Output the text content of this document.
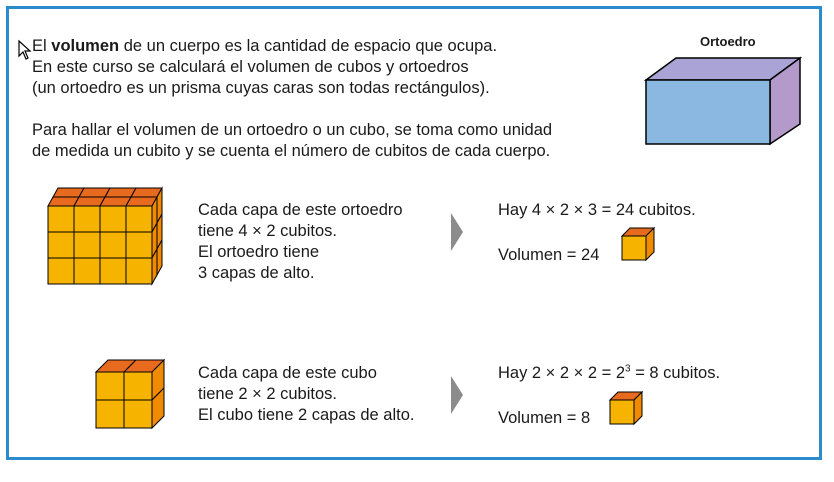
El volumen de un cuerpo es la cantidad de espacio que ocupa.
En este curso se calculará el volumen de cubos y ortoedros
(un ortoedro es un prisma cuyas caras son todas rectángulos).
Para hallar el volumen de un ortoedro o un cubo, se toma como unidad
de medida un cubito y se cuenta el número de cubitos de cada cuerpo.
Ortoedro
Cada capa de este ortoedro
tiene 4 × 2 cubitos.
El ortoedro tiene
3 capas de alto.
Hay 4 × 2 × 3 = 24 cubitos.
Volumen = 24
Cada capa de este cubo
tiene 2 × 2 cubitos.
El cubo tiene 2 capas de alto.
Hay $2 \times 2 \times 2 = 2^3 = 8$ cubitos.
Volumen = 8
